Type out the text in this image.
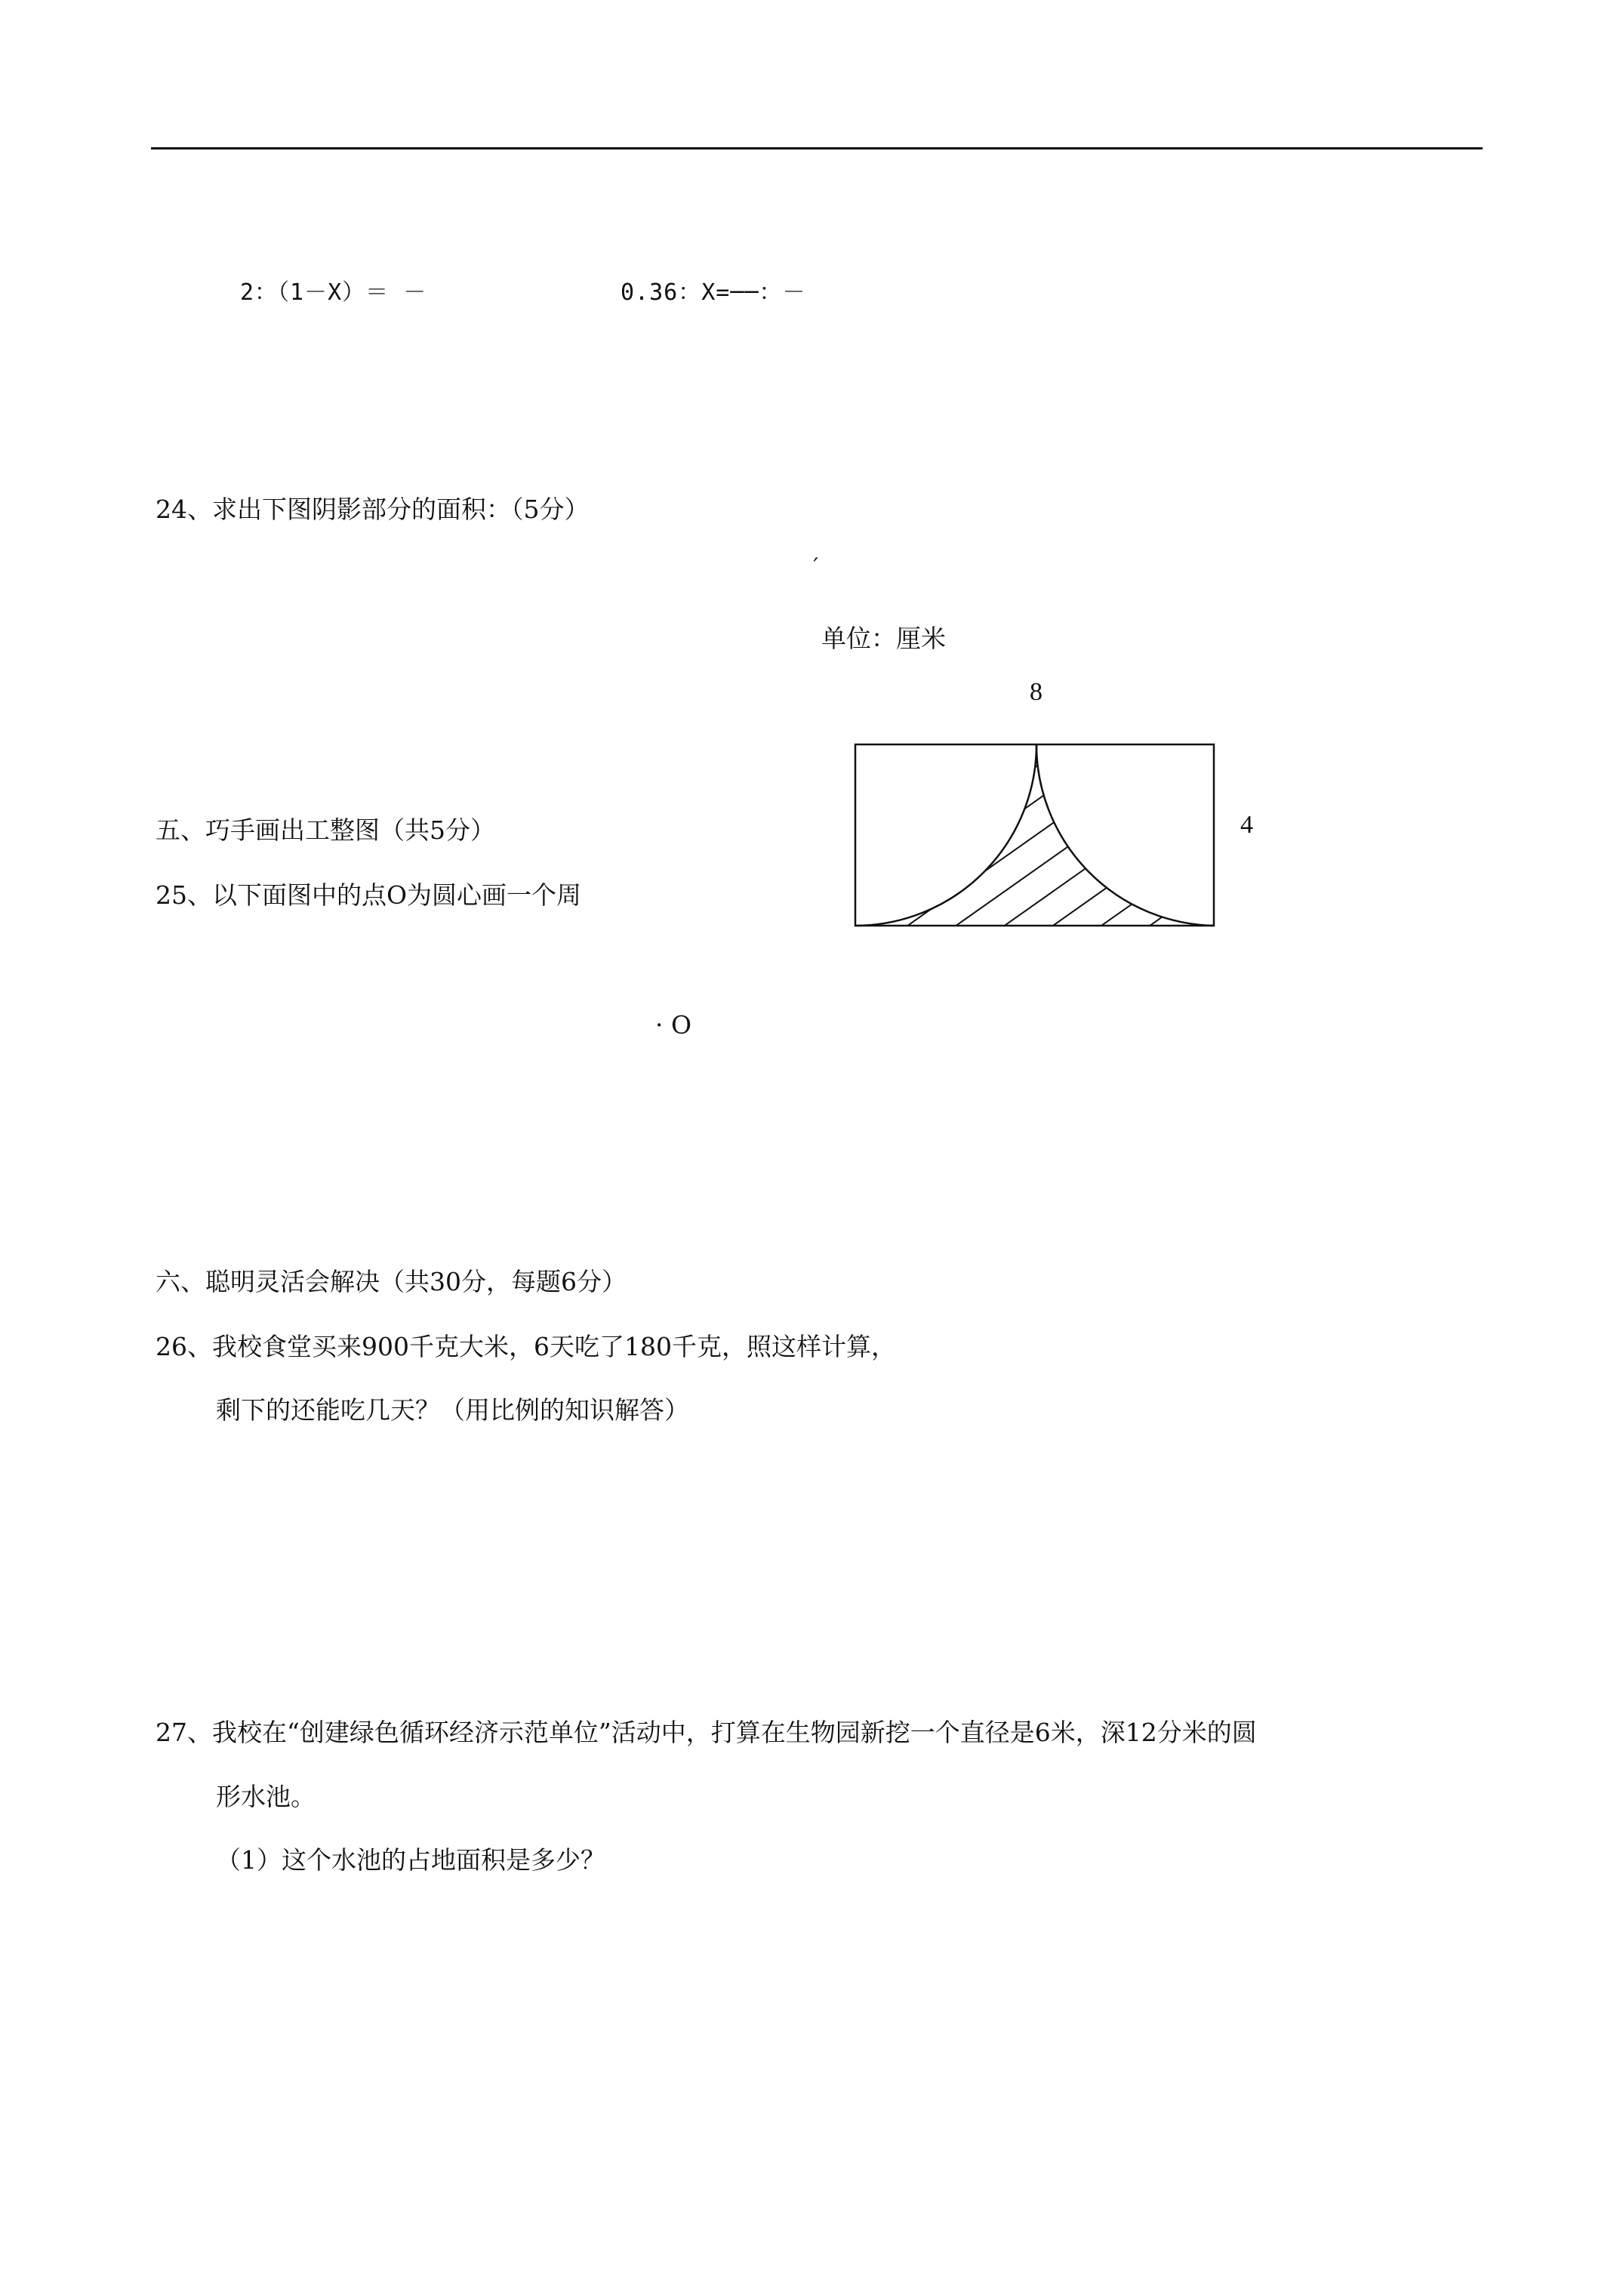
2：（1－X）＝ －	0.36：X=──：－
24、求出下图阴影部分的面积：（5分）
ˊ
单位：厘米
8
4
五、巧手画出工整图（共5分）
25、以下面图中的点O为圆心画一个周
· O
六、聪明灵活会解决（共30分，每题6分）
26、我校食堂买来900千克大米，6天吃了180千克，照这样计算，
剩下的还能吃几天？（用比例的知识解答）
27、我校在“创建绿色循环经济示范单位”活动中，打算在生物园新挖一个直径是6米，深12分米的圆
形水池。
（1）这个水池的占地面积是多少？
